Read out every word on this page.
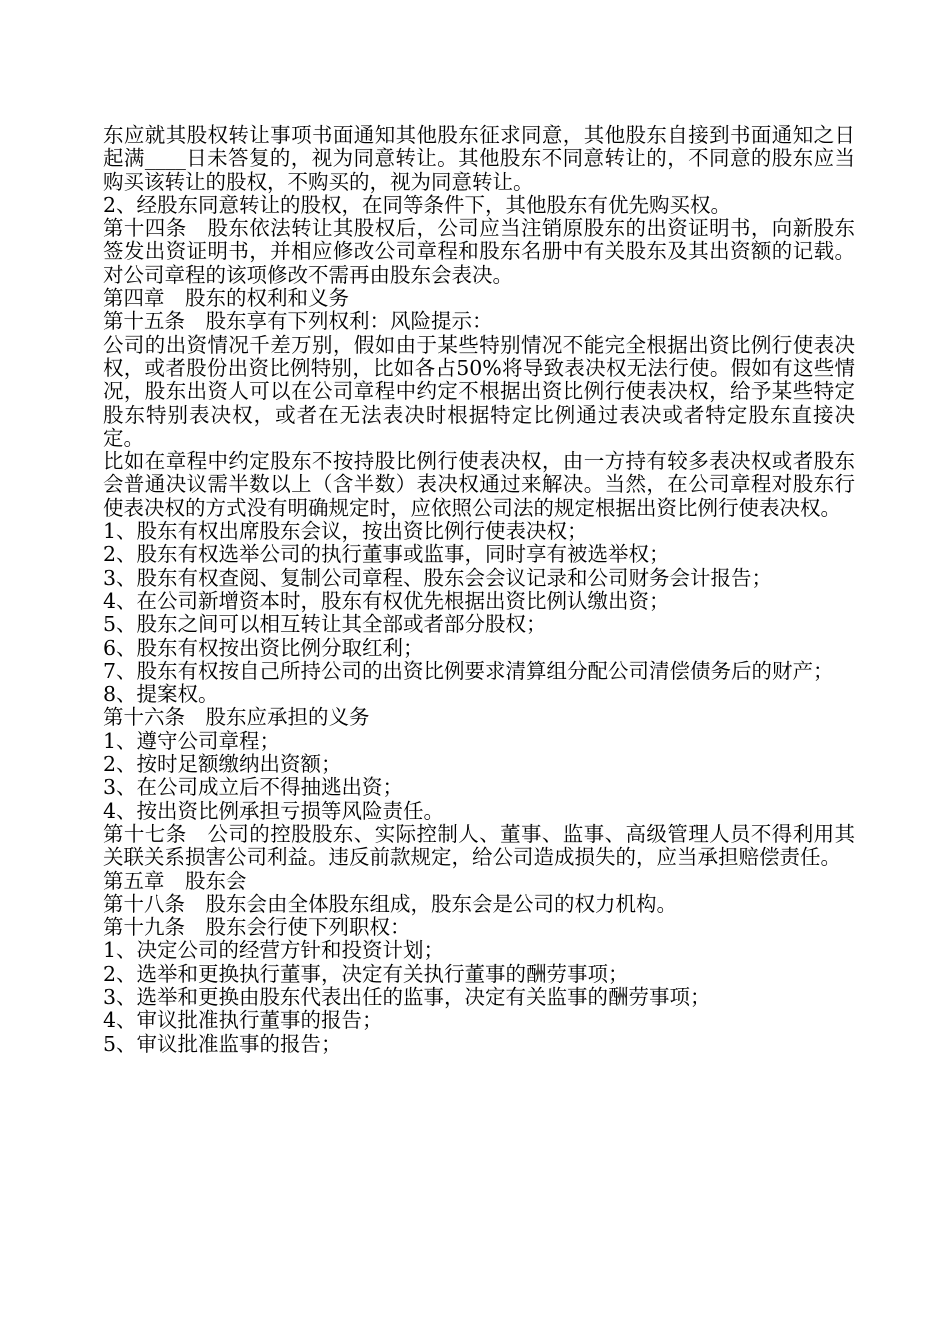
东应就其股权转让事项书面通知其他股东征求同意，其他股东自接到书面通知之日起满____日未答复的，视为同意转让。其他股东不同意转让的，不同意的股东应当购买该转让的股权，不购买的，视为同意转让。
2、经股东同意转让的股权，在同等条件下，其他股东有优先购买权。
第十四条　股东依法转让其股权后，公司应当注销原股东的出资证明书，向新股东签发出资证明书，并相应修改公司章程和股东名册中有关股东及其出资额的记载。对公司章程的该项修改不需再由股东会表决。
第四章　股东的权利和义务
第十五条　股东享有下列权利：风险提示：
公司的出资情况千差万别，假如由于某些特别情况不能完全根据出资比例行使表决权，或者股份出资比例特别，比如各占50%将导致表决权无法行使。假如有这些情况，股东出资人可以在公司章程中约定不根据出资比例行使表决权，给予某些特定股东特别表决权，或者在无法表决时根据特定比例通过表决或者特定股东直接决定。
比如在章程中约定股东不按持股比例行使表决权，由一方持有较多表决权或者股东会普通决议需半数以上（含半数）表决权通过来解决。当然，在公司章程对股东行使表决权的方式没有明确规定时，应依照公司法的规定根据出资比例行使表决权。
1、股东有权出席股东会议，按出资比例行使表决权；
2、股东有权选举公司的执行董事或监事，同时享有被选举权；
3、股东有权查阅、复制公司章程、股东会会议记录和公司财务会计报告；
4、在公司新增资本时，股东有权优先根据出资比例认缴出资；
5、股东之间可以相互转让其全部或者部分股权；
6、股东有权按出资比例分取红利；
7、股东有权按自己所持公司的出资比例要求清算组分配公司清偿债务后的财产；
8、提案权。
第十六条　股东应承担的义务
1、遵守公司章程；
2、按时足额缴纳出资额；
3、在公司成立后不得抽逃出资；
4、按出资比例承担亏损等风险责任。
第十七条　公司的控股股东、实际控制人、董事、监事、高级管理人员不得利用其关联关系损害公司利益。违反前款规定，给公司造成损失的，应当承担赔偿责任。
第五章　股东会
第十八条　股东会由全体股东组成，股东会是公司的权力机构。
第十九条　股东会行使下列职权：
1、决定公司的经营方针和投资计划；
2、选举和更换执行董事，决定有关执行董事的酬劳事项；
3、选举和更换由股东代表出任的监事，决定有关监事的酬劳事项；
4、审议批准执行董事的报告；
5、审议批准监事的报告；
